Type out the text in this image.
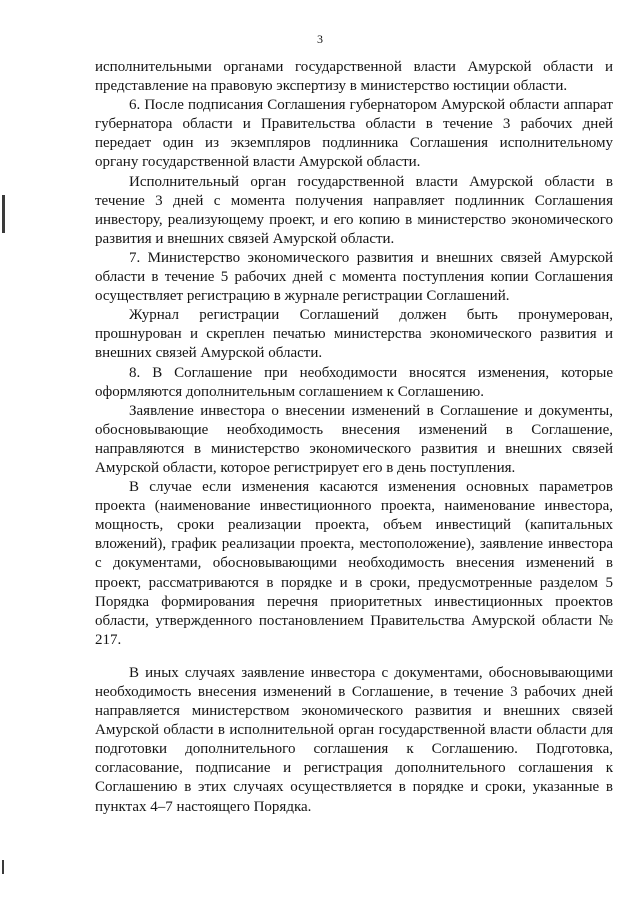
3

исполнительными органами государственной власти Амурской области и представление на правовую экспертизу в министерство юстиции области.

6. После подписания Соглашения губернатором Амурской области аппарат губернатора области и Правительства области в течение 3 рабочих дней передает один из экземпляров подлинника Соглашения исполнительному органу государственной власти Амурской области.

Исполнительный орган государственной власти Амурской области в течение 3 дней с момента получения направляет подлинник Соглашения инвестору, реализующему проект, и его копию в министерство экономического развития и внешних связей Амурской области.

7. Министерство экономического развития и внешних связей Амурской области в течение 5 рабочих дней с момента поступления копии Соглашения осуществляет регистрацию в журнале регистрации Соглашений.

Журнал регистрации Соглашений должен быть пронумерован, прошнурован и скреплен печатью министерства экономического развития и внешних связей Амурской области.

8. В Соглашение при необходимости вносятся изменения, которые оформляются дополнительным соглашением к Соглашению.

Заявление инвестора о внесении изменений в Соглашение и документы, обосновывающие необходимость внесения изменений в Соглашение, направляются в министерство экономического развития и внешних связей Амурской области, которое регистрирует его в день поступления.

В случае если изменения касаются изменения основных параметров проекта (наименование инвестиционного проекта, наименование инвестора, мощность, сроки реализации проекта, объем инвестиций (капитальных вложений), график реализации проекта, местоположение), заявление инвестора с документами, обосновывающими необходимость внесения изменений в проект, рассматриваются в порядке и в сроки, предусмотренные разделом 5 Порядка формирования перечня приоритетных инвестиционных проектов области, утвержденного постановлением Правительства Амурской области № 217.

В иных случаях заявление инвестора с документами, обосновывающими необходимость внесения изменений в Соглашение, в течение 3 рабочих дней направляется министерством экономического развития и внешних связей Амурской области в исполнительной орган государственной власти области для подготовки дополнительного соглашения к Соглашению. Подготовка, согласование, подписание и регистрация дополнительного соглашения к Соглашению в этих случаях осуществляется в порядке и сроки, указанные в пунктах 4–7 настоящего Порядка.
